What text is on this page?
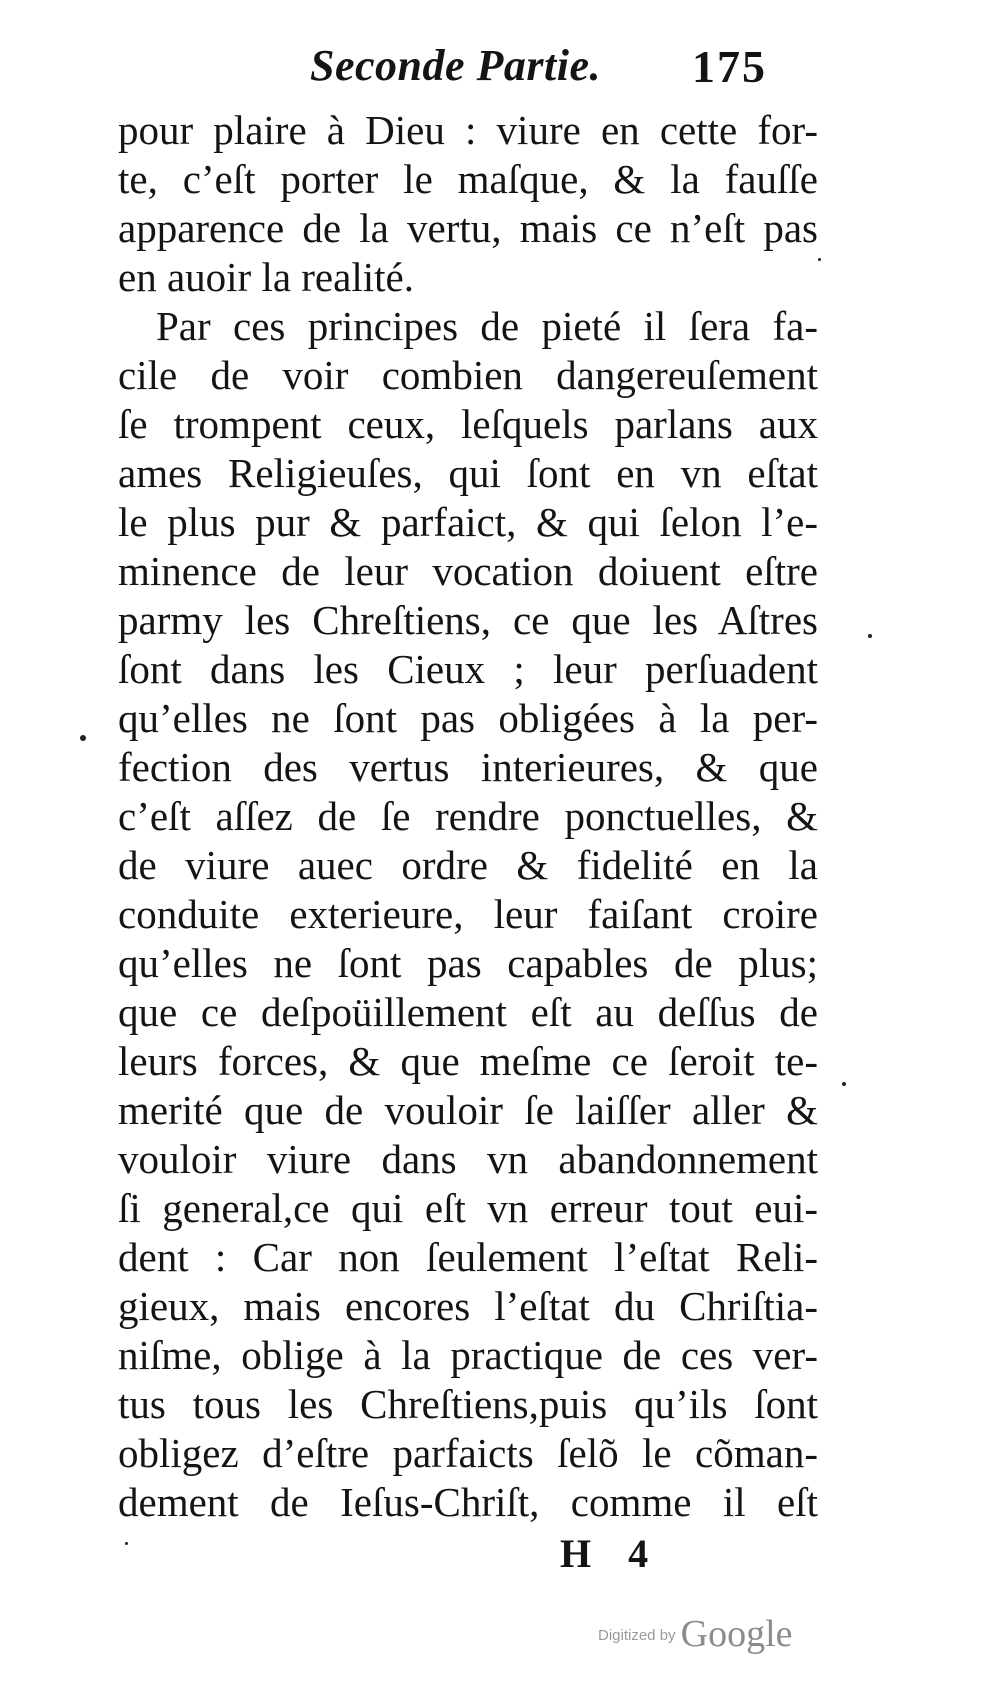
Seconde Partie. 175
pour plaire à Dieu : viure en cette for-
te, c’eſt porter le maſque, & la fauſſe
apparence de la vertu, mais ce n’eſt pas
en auoir la realité.
Par ces principes de pieté il ſera fa-
cile de voir combien dangereuſement
ſe trompent ceux, leſquels parlans aux
ames Religieuſes, qui ſont en vn eſtat
le plus pur & parfaict, & qui ſelon l’e-
minence de leur vocation doiuent eſtre
parmy les Chreſtiens, ce que les Aſtres
ſont dans les Cieux ; leur perſuadent
qu’elles ne ſont pas obligées à la per-
fection des vertus interieures, & que
c’eſt aſſez de ſe rendre ponctuelles, &
de viure auec ordre & fidelité en la
conduite exterieure, leur faiſant croire
qu’elles ne ſont pas capables de plus;
que ce deſpoüillement eſt au deſſus de
leurs forces, & que meſme ce ſeroit te-
merité que de vouloir ſe laiſſer aller &
vouloir viure dans vn abandonnement
ſi general,ce qui eſt vn erreur tout eui-
dent : Car non ſeulement l’eſtat Reli-
gieux, mais encores l’eſtat du Chriſtia-
niſme, oblige à la practique de ces ver-
tus tous les Chreſtiens,puis qu’ils ſont
obligez d’eſtre parfaicts ſelõ le cõman-
dement de Ieſus-Chriſt, comme il eſt
H 4
Digitized by Google
